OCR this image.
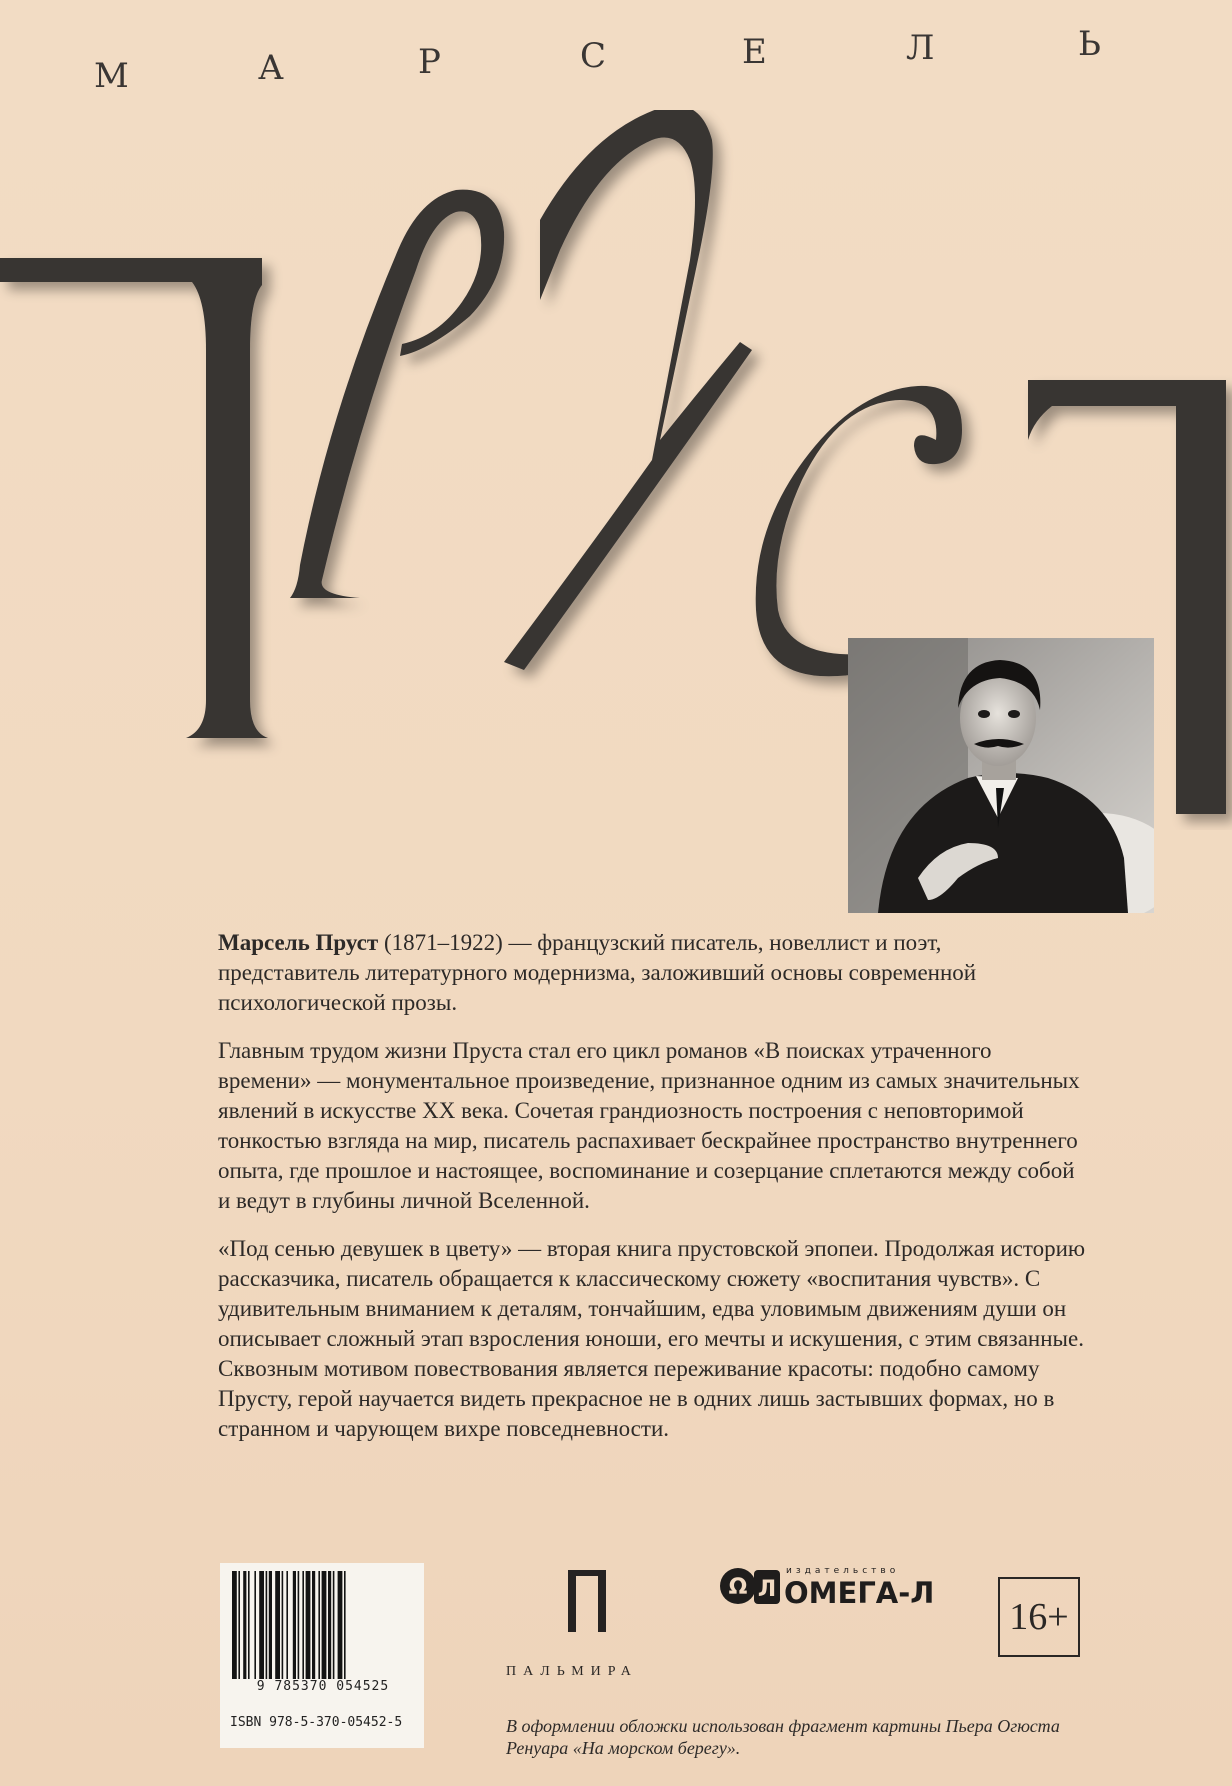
М	А	Р	С	Е	Л	Ь

Марсель Пруст (1871–1922) — французский писатель, новеллист и поэт, представитель литературного модернизма, заложивший основы современной психологической прозы.

Главным трудом жизни Пруста стал его цикл романов «В поисках утраченного времени» — монументальное произведение, признанное одним из самых значительных явлений в искусстве XX века. Сочетая грандиозность построения с неповторимой тонкостью взгляда на мир, писатель распахивает бескрайнее пространство внутреннего опыта, где прошлое и настоящее, воспоминание и созерцание сплетаются между собой и ведут в глубины личной Вселенной.

«Под сенью девушек в цвету» — вторая книга прустовской эпопеи. Продолжая историю рассказчика, писатель обращается к классическому сюжету «воспитания чувств». С удивительным вниманием к деталям, тончайшим, едва уловимым движениям души он описывает сложный этап взросления юноши, его мечты и искушения, с этим связанные. Сквозным мотивом повествования является переживание красоты: подобно самому Прусту, герой научается видеть прекрасное не в одних лишь застывших формах, но в странном и чарующем вихре повседневности.

9 785370 054525
ISBN 978-5-370-05452-5
ПАЛЬМИРА
Ω Л
издательство
ОМЕГА-Л
16+
В оформлении обложки использован фрагмент картины Пьера Огюста Ренуара «На морском берегу».
